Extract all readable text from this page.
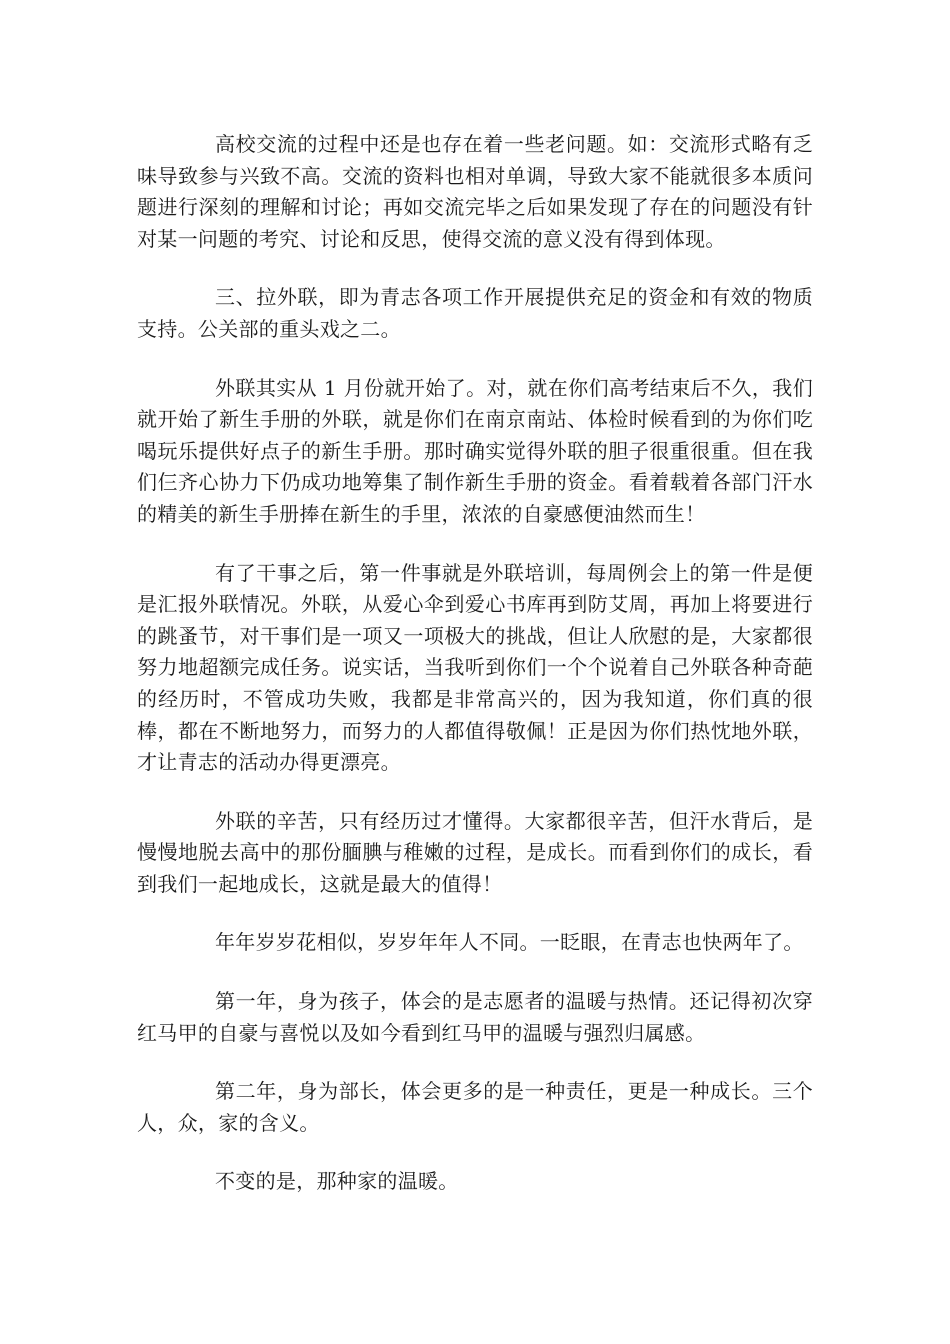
高校交流的过程中还是也存在着一些老问题。如：交流形式略有乏味导致参与兴致不高。交流的资料也相对单调，导致大家不能就很多本质问题进行深刻的理解和讨论；再如交流完毕之后如果发现了存在的问题没有针对某一问题的考究、讨论和反思，使得交流的意义没有得到体现。

三、拉外联，即为青志各项工作开展提供充足的资金和有效的物质支持。公关部的重头戏之二。

外联其实从 1 月份就开始了。对，就在你们高考结束后不久，我们就开始了新生手册的外联，就是你们在南京南站、体检时候看到的为你们吃喝玩乐提供好点子的新生手册。那时确实觉得外联的胆子很重很重。但在我们仨齐心协力下仍成功地筹集了制作新生手册的资金。看着载着各部门汗水的精美的新生手册捧在新生的手里，浓浓的自豪感便油然而生！

有了干事之后，第一件事就是外联培训，每周例会上的第一件是便是汇报外联情况。外联，从爱心伞到爱心书库再到防艾周，再加上将要进行的跳蚤节，对干事们是一项又一项极大的挑战，但让人欣慰的是，大家都很努力地超额完成任务。说实话，当我听到你们一个个说着自己外联各种奇葩的经历时，不管成功失败，我都是非常高兴的，因为我知道，你们真的很棒，都在不断地努力，而努力的人都值得敬佩！正是因为你们热忱地外联，才让青志的活动办得更漂亮。

外联的辛苦，只有经历过才懂得。大家都很辛苦，但汗水背后，是慢慢地脱去高中的那份腼腆与稚嫩的过程，是成长。而看到你们的成长，看到我们一起地成长，这就是最大的值得！

年年岁岁花相似，岁岁年年人不同。一眨眼，在青志也快两年了。

第一年，身为孩子，体会的是志愿者的温暖与热情。还记得初次穿红马甲的自豪与喜悦以及如今看到红马甲的温暖与强烈归属感。

第二年，身为部长，体会更多的是一种责任，更是一种成长。三个人，众，家的含义。

不变的是，那种家的温暖。
